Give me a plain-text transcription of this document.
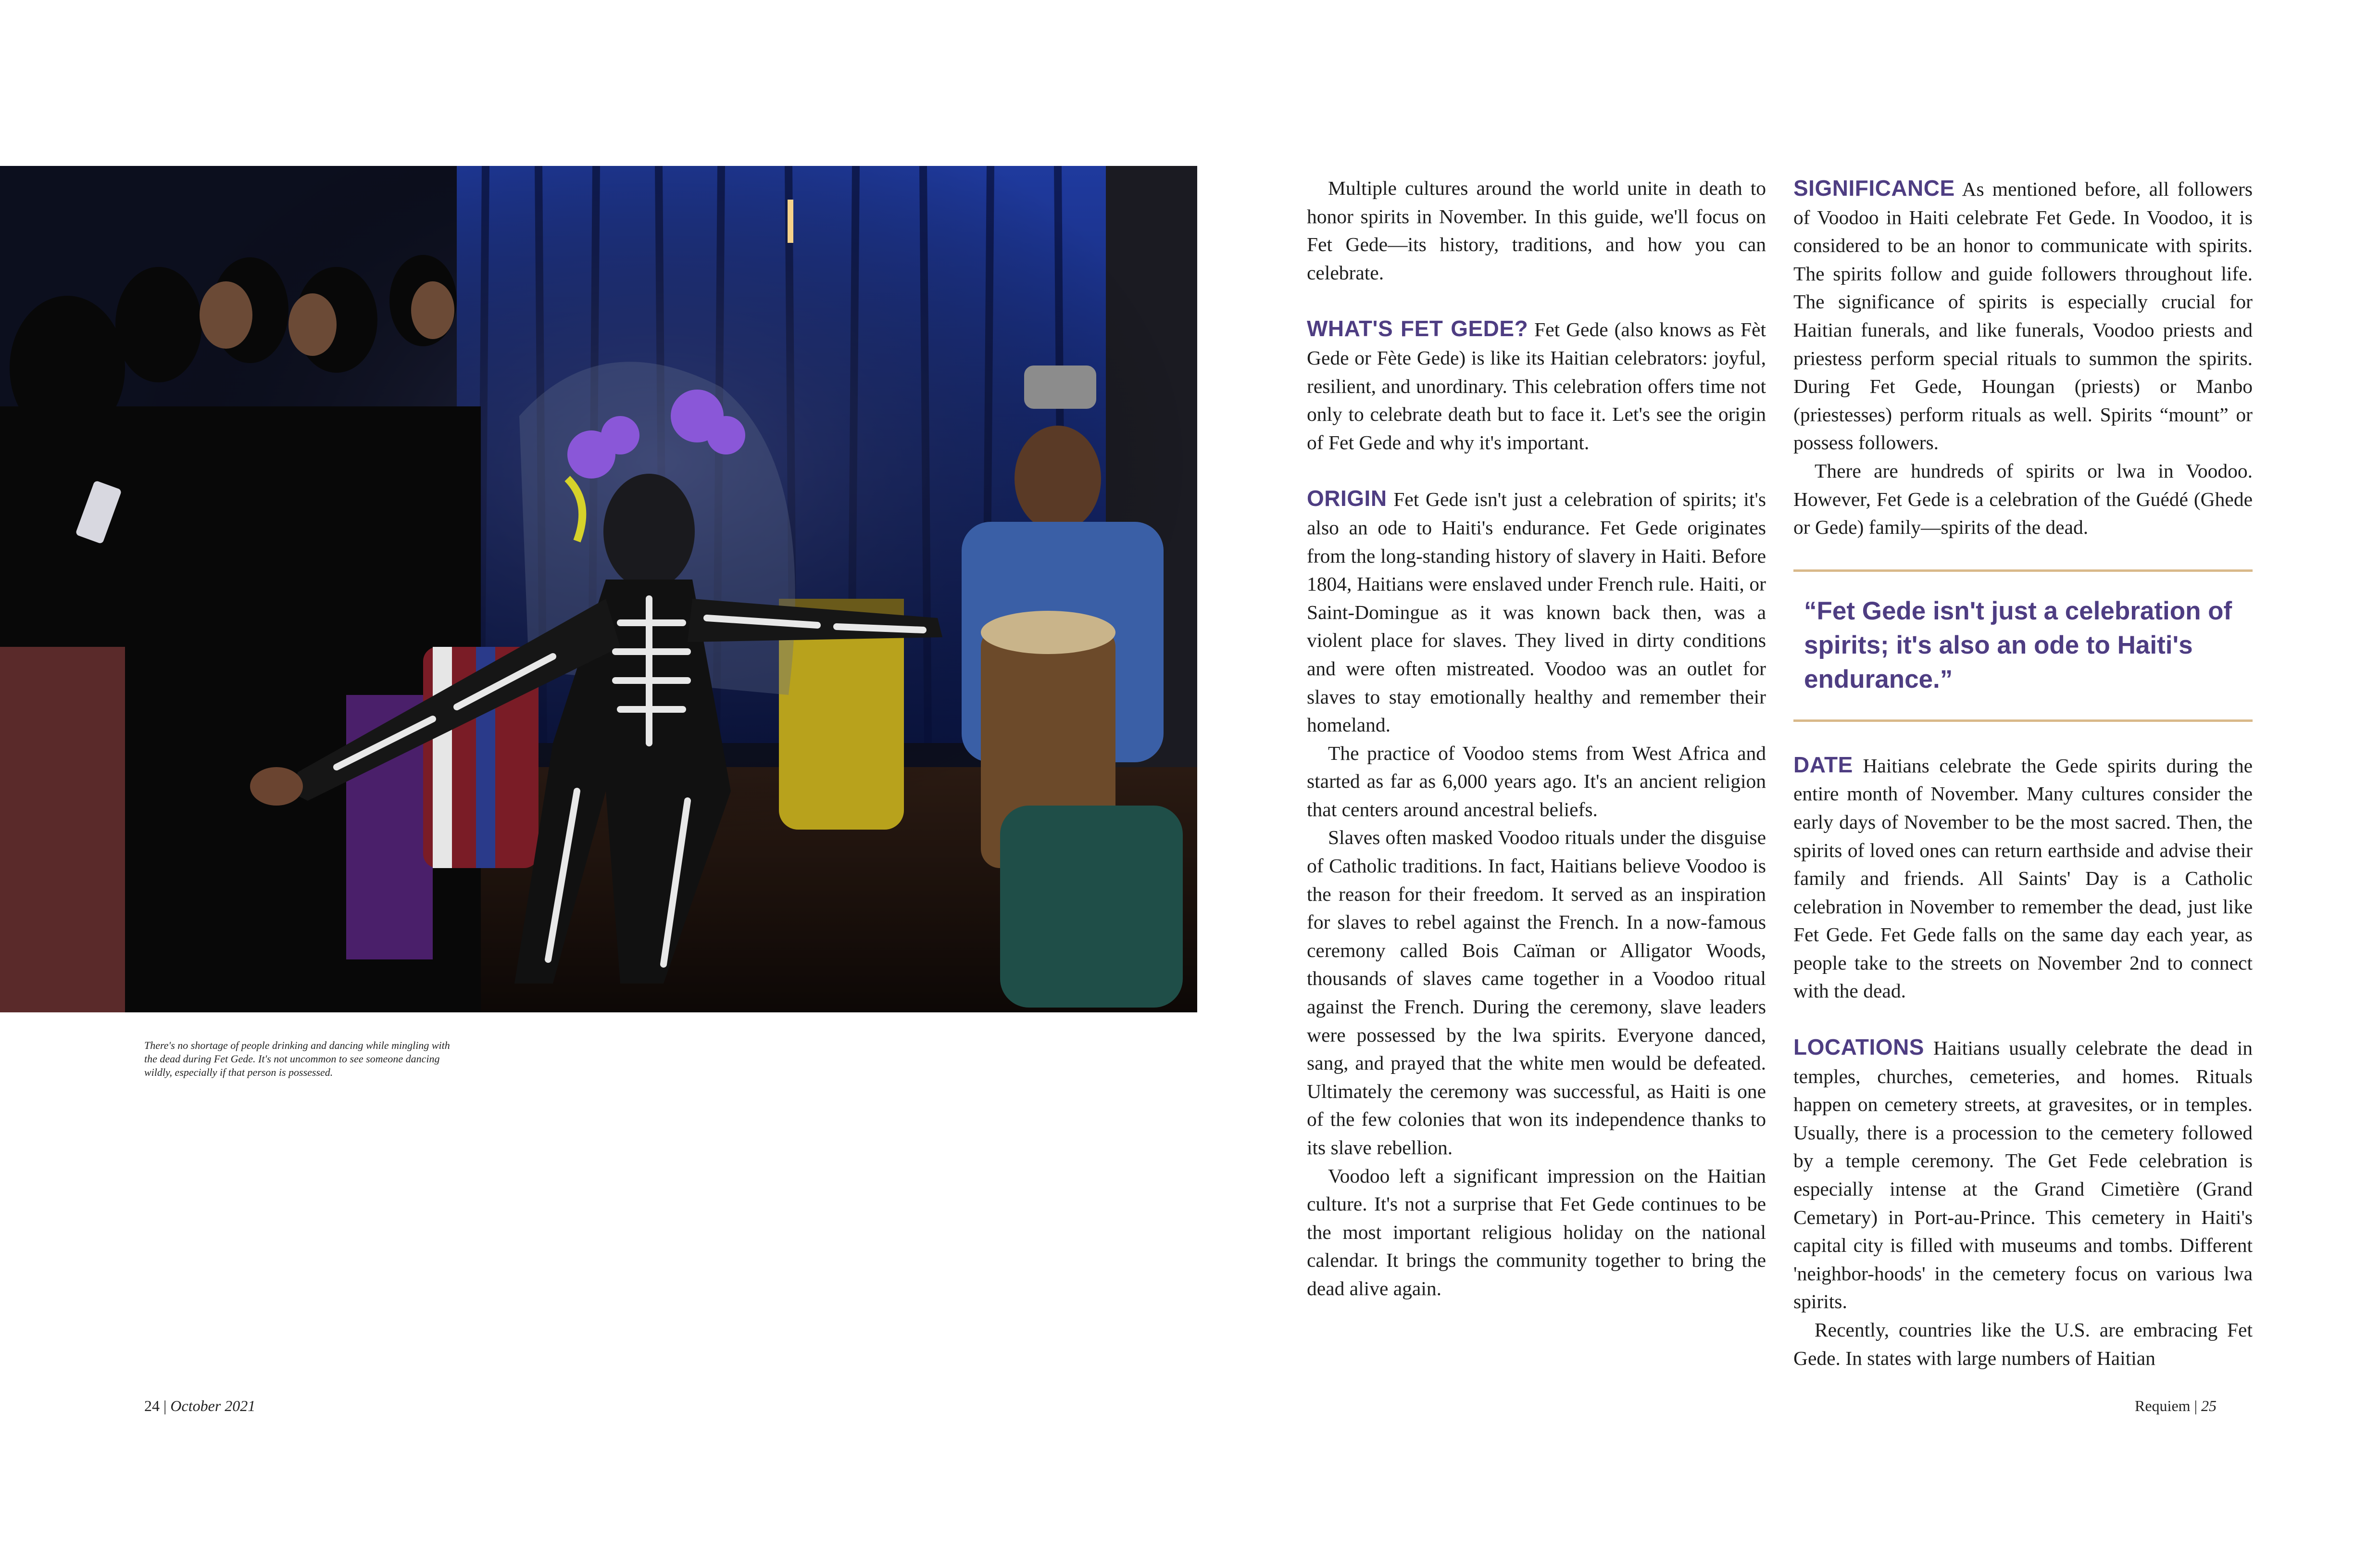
There's no shortage of people drinking and dancing while mingling with the dead during Fet Gede. It's not uncommon to see someone dancing wildly, especially if that person is possessed.

Multiple cultures around the world unite in death to honor spirits in November. In this guide, we'll focus on Fet Gede—its history, traditions, and how you can celebrate.

WHAT'S FET GEDE? Fet Gede (also knows as Fèt Gede or Fète Gede) is like its Haitian celebrators: joyful, resilient, and unordinary. This celebration offers time not only to celebrate death but to face it. Let's see the origin of Fet Gede and why it's important.

ORIGIN Fet Gede isn't just a celebration of spirits; it's also an ode to Haiti's endurance. Fet Gede originates from the long-standing history of slavery in Haiti. Before 1804, Haitians were enslaved under French rule. Haiti, or Saint-Domingue as it was known back then, was a violent place for slaves. They lived in dirty conditions and were often mistreated. Voodoo was an outlet for slaves to stay emotionally healthy and remember their homeland.

The practice of Voodoo stems from West Africa and started as far as 6,000 years ago. It's an ancient religion that centers around ancestral beliefs.

Slaves often masked Voodoo rituals under the disguise of Catholic traditions. In fact, Haitians believe Voodoo is the reason for their freedom. It served as an inspiration for slaves to rebel against the French. In a now-famous ceremony called Bois Caïman or Alligator Woods, thousands of slaves came together in a Voodoo ritual against the French. During the ceremony, slave leaders were possessed by the lwa spirits. Everyone danced, sang, and prayed that the white men would be defeated. Ultimately the ceremony was successful, as Haiti is one of the few colonies that won its independence thanks to its slave rebellion.

Voodoo left a significant impression on the Haitian culture. It's not a surprise that Fet Gede continues to be the most important religious holiday on the national calendar. It brings the community together to bring the dead alive again.

SIGNIFICANCE As mentioned before, all followers of Voodoo in Haiti celebrate Fet Gede. In Voodoo, it is considered to be an honor to communicate with spirits. The spirits follow and guide followers throughout life. The significance of spirits is especially crucial for Haitian funerals, and like funerals, Voodoo priests and priestess perform special rituals to summon the spirits. During Fet Gede, Houngan (priests) or Manbo (priestesses) perform rituals as well. Spirits “mount” or possess followers.

There are hundreds of spirits or lwa in Voodoo. However, Fet Gede is a celebration of the Guédé (Ghede or Gede) family—spirits of the dead.

“Fet Gede isn't just a celebration of spirits; it's also an ode to Haiti's endurance.”

DATE Haitians celebrate the Gede spirits during the entire month of November. Many cultures consider the early days of November to be the most sacred. Then, the spirits of loved ones can return earthside and advise their family and friends. All Saints' Day is a Catholic celebration in November to remember the dead, just like Fet Gede. Fet Gede falls on the same day each year, as people take to the streets on November 2nd to connect with the dead.

LOCATIONS Haitians usually celebrate the dead in temples, churches, cemeteries, and homes. Rituals happen on cemetery streets, at gravesites, or in temples. Usually, there is a procession to the cemetery followed by a temple ceremony. The Get Fede celebration is especially intense at the Grand Cimetière (Grand Cemetary) in Port-au-Prince. This cemetery in Haiti's capital city is filled with museums and tombs. Different 'neighbor-hoods' in the cemetery focus on various lwa spirits.

Recently, countries like the U.S. are embracing Fet Gede. In states with large numbers of Haitian

24 | October 2021	Requiem | 25
